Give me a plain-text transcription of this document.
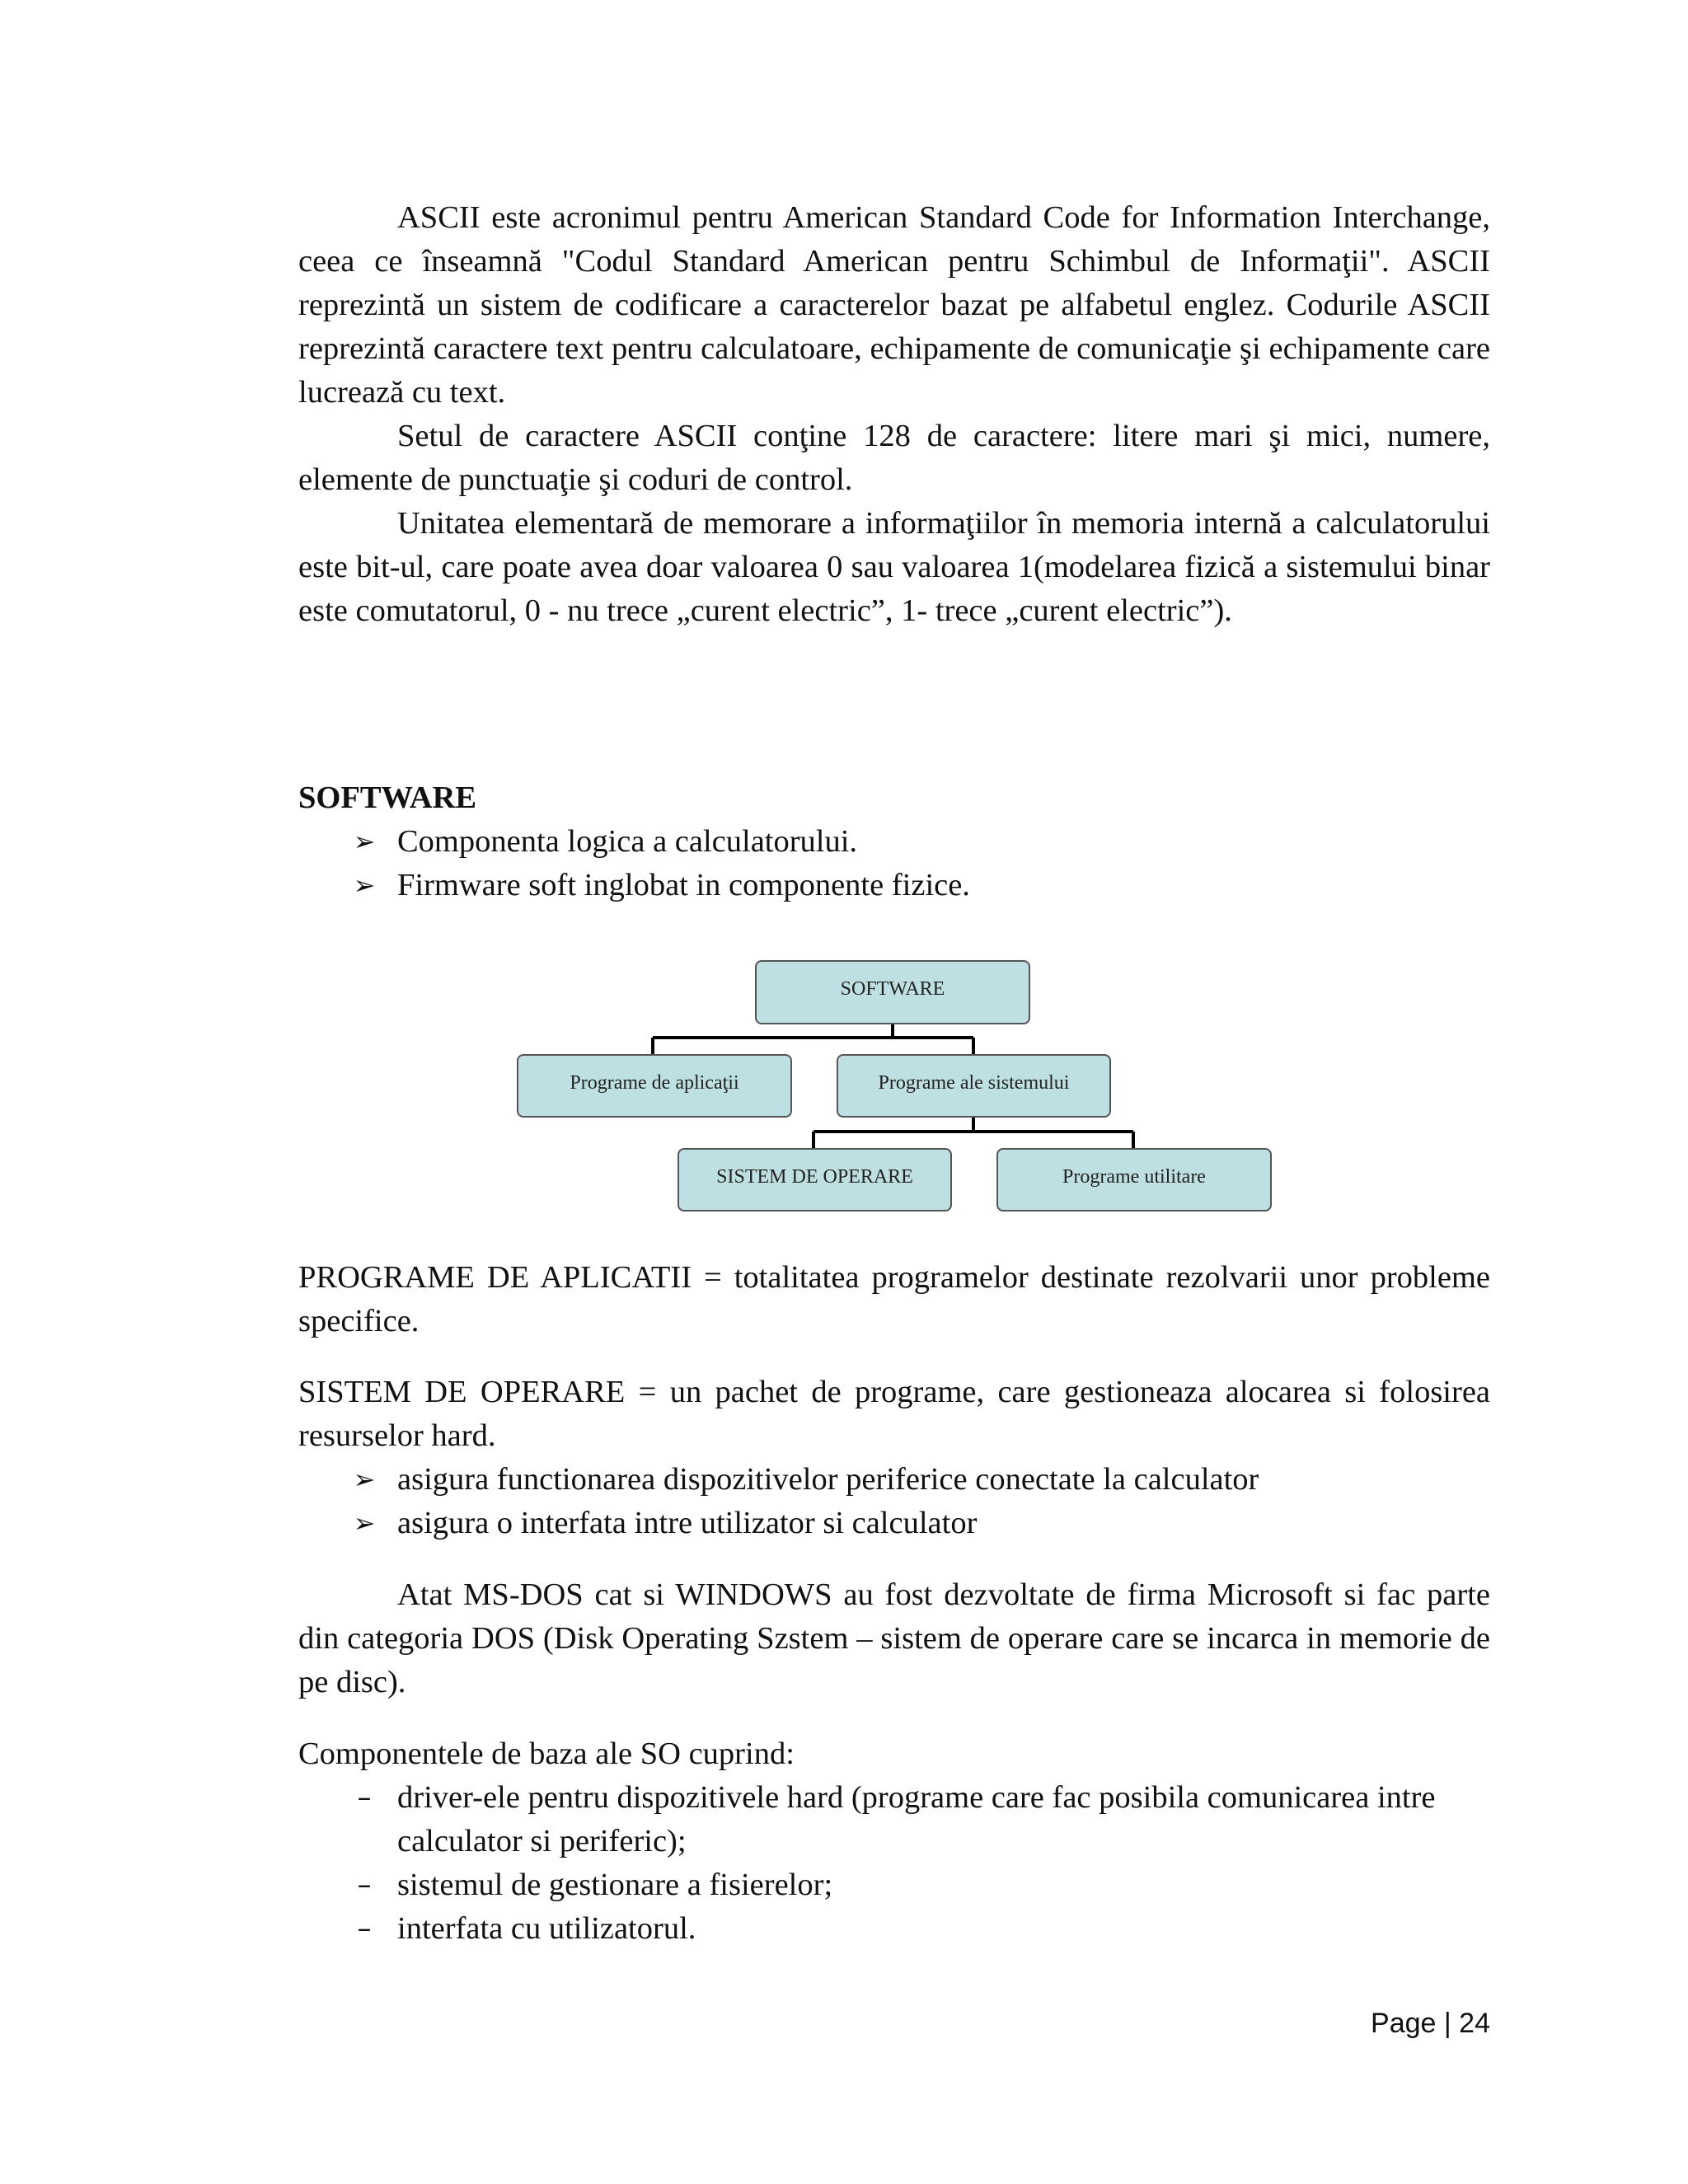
ASCII este acronimul pentru American Standard Code for Information Interchange, ceea ce înseamnă "Codul Standard American pentru Schimbul de Informaţii". ASCII reprezintă un sistem de codificare a caracterelor bazat pe alfabetul englez. Codurile ASCII reprezintă caractere text pentru calculatoare, echipamente de comunicaţie şi echipamente care lucrează cu text.

Setul de caractere ASCII conţine 128 de caractere: litere mari şi mici, numere, elemente de punctuaţie şi coduri de control.

Unitatea elementară de memorare a informaţiilor în memoria internă a calculatorului este bit-ul, care poate avea doar valoarea 0 sau valoarea 1(modelarea fizică a sistemului binar este comutatorul, 0 - nu trece „curent electric”, 1- trece „curent electric”).

SOFTWARE

➢ Componenta logica a calculatorului.
➢ Firmware soft inglobat in componente fizice.
SOFTWARE
Programe de aplicaţii	Programe ale sistemului
SISTEM DE OPERARE	Programe utilitare

PROGRAME DE APLICATII = totalitatea programelor destinate rezolvarii unor probleme specifice.

SISTEM DE OPERARE = un pachet de programe, care gestioneaza alocarea si folosirea resurselor hard.

➢ asigura functionarea dispozitivelor periferice conectate la calculator
➢ asigura o interfata intre utilizator si calculator

Atat MS-DOS cat si WINDOWS au fost dezvoltate de firma Microsoft si fac parte din categoria DOS (Disk Operating Szstem – sistem de operare care se incarca in memorie de pe disc).

Componentele de baza ale SO cuprind:

– driver-ele pentru dispozitivele hard (programe care fac posibila comunicarea intre calculator si periferic);
– sistemul de gestionare a fisierelor;
– interfata cu utilizatorul.
Page | 24
